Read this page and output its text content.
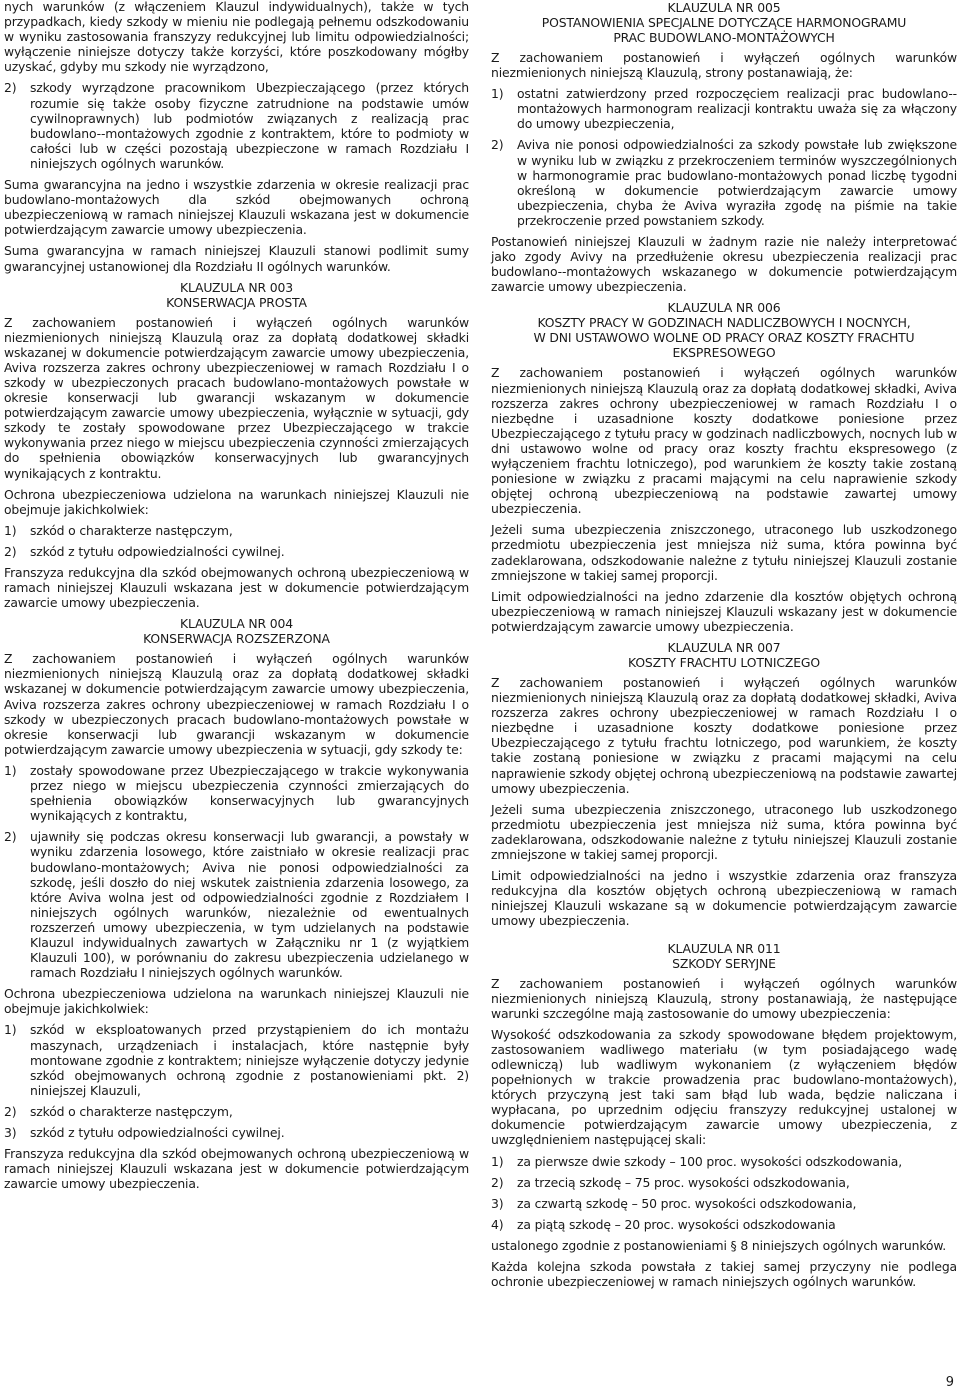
nych warunków (z włączeniem Klauzul indywidualnych), także w tych przypadkach, kiedy szkody w mieniu nie podlegają pełnemu odszkodowaniu w wyniku zastosowania franszyzy redukcyjnej lub limitu odpowiedzialności; wyłączenie niniejsze dotyczy także korzyści, które poszkodowany mógłby uzyskać, gdyby mu szkody nie wyrządzono,

2) szkody wyrządzone pracownikom Ubezpieczającego (przez których rozumie się także osoby fizyczne zatrudnione na podstawie umów cywilnoprawnych) lub podmiotów związanych z realizacją prac budowlano--montażowych zgodnie z kontraktem, które to podmioty w całości lub w części pozostają ubezpieczone w ramach Rozdziału I niniejszych ogólnych warunków.

Suma gwarancyjna na jedno i wszystkie zdarzenia w okresie realizacji prac budowlano-montażowych dla szkód obejmowanych ochroną ubezpieczeniową w ramach niniejszej Klauzuli wskazana jest w dokumencie potwierdzającym zawarcie umowy ubezpieczenia.

Suma gwarancyjna w ramach niniejszej Klauzuli stanowi podlimit sumy gwarancyjnej ustanowionej dla Rozdziału II ogólnych warunków.

KLAUZULA NR 003
KONSERWACJA PROSTA

Z zachowaniem postanowień i wyłączeń ogólnych warunków niezmienionych niniejszą Klauzulą oraz za dopłatą dodatkowej składki wskazanej w dokumencie potwierdzającym zawarcie umowy ubezpieczenia, Aviva rozszerza zakres ochrony ubezpieczeniowej w ramach Rozdziału I o szkody w ubezpieczonych pracach budowlano-montażowych powstałe w okresie konserwacji lub gwarancji wskazanym w dokumencie potwierdzającym zawarcie umowy ubezpieczenia, wyłącznie w sytuacji, gdy szkody te zostały spowodowane przez Ubezpieczającego w trakcie wykonywania przez niego w miejscu ubezpieczenia czynności zmierzających do spełnienia obowiązków konserwacyjnych lub gwarancyjnych wynikających z kontraktu.

Ochrona ubezpieczeniowa udzielona na warunkach niniejszej Klauzuli nie obejmuje jakichkolwiek:

1) szkód o charakterze następczym,
2) szkód z tytułu odpowiedzialności cywilnej.

Franszyza redukcyjna dla szkód obejmowanych ochroną ubezpieczeniową w ramach niniejszej Klauzuli wskazana jest w dokumencie potwierdzającym zawarcie umowy ubezpieczenia.

KLAUZULA NR 004
KONSERWACJA ROZSZERZONA

Z zachowaniem postanowień i wyłączeń ogólnych warunków niezmienionych niniejszą Klauzulą oraz za dopłatą dodatkowej składki wskazanej w dokumencie potwierdzającym zawarcie umowy ubezpieczenia, Aviva rozszerza zakres ochrony ubezpieczeniowej w ramach Rozdziału I o szkody w ubezpieczonych pracach budowlano-montażowych powstałe w okresie konserwacji lub gwarancji wskazanym w dokumencie potwierdzającym zawarcie umowy ubezpieczenia w sytuacji, gdy szkody te:

1) zostały spowodowane przez Ubezpieczającego w trakcie wykonywania przez niego w miejscu ubezpieczenia czynności zmierzających do spełnienia obowiązków konserwacyjnych lub gwarancyjnych wynikających z kontraktu,
2) ujawniły się podczas okresu konserwacji lub gwarancji, a powstały w wyniku zdarzenia losowego, które zaistniało w okresie realizacji prac budowlano-montażowych; Aviva nie ponosi odpowiedzialności za szkodę, jeśli doszło do niej wskutek zaistnienia zdarzenia losowego, za które Aviva wolna jest od odpowiedzialności zgodnie z Rozdziałem I niniejszych ogólnych warunków, niezależnie od ewentualnych rozszerzeń umowy ubezpieczenia, w tym udzielanych na podstawie Klauzul indywidualnych zawartych w Załączniku nr 1 (z wyjątkiem Klauzuli 100), w porównaniu do zakresu ubezpieczenia udzielanego w ramach Rozdziału I niniejszych ogólnych warunków.

Ochrona ubezpieczeniowa udzielona na warunkach niniejszej Klauzuli nie obejmuje jakichkolwiek:

1) szkód w eksploatowanych przed przystąpieniem do ich montażu maszynach, urządzeniach i instalacjach, które następnie były montowane zgodnie z kontraktem; niniejsze wyłączenie dotyczy jedynie szkód obejmowanych ochroną zgodnie z postanowieniami pkt. 2) niniejszej Klauzuli,
2) szkód o charakterze następczym,
3) szkód z tytułu odpowiedzialności cywilnej.

Franszyza redukcyjna dla szkód obejmowanych ochroną ubezpieczeniową w ramach niniejszej Klauzuli wskazana jest w dokumencie potwierdzającym zawarcie umowy ubezpieczenia.

KLAUZULA NR 005
POSTANOWIENIA SPECJALNE DOTYCZĄCE HARMONOGRAMU
PRAC BUDOWLANO-MONTAŻOWYCH

Z zachowaniem postanowień i wyłączeń ogólnych warunków niezmienionych niniejszą Klauzulą, strony postanawiają, że:

1) ostatni zatwierdzony przed rozpoczęciem realizacji prac budowlano--montażowych harmonogram realizacji kontraktu uważa się za włączony do umowy ubezpieczenia,
2) Aviva nie ponosi odpowiedzialności za szkody powstałe lub zwiększone w wyniku lub w związku z przekroczeniem terminów wyszczególnionych w harmonogramie prac budowlano-montażowych ponad liczbę tygodni określoną w dokumencie potwierdzającym zawarcie umowy ubezpieczenia, chyba że Aviva wyraziła zgodę na piśmie na takie przekroczenie przed powstaniem szkody.

Postanowień niniejszej Klauzuli w żadnym razie nie należy interpretować jako zgody Avivy na przedłużenie okresu ubezpieczenia realizacji prac budowlano--montażowych wskazanego w dokumencie potwierdzającym zawarcie umowy ubezpieczenia.

KLAUZULA NR 006
KOSZTY PRACY W GODZINACH NADLICZBOWYCH I NOCNYCH,
W DNI USTAWOWO WOLNE OD PRACY ORAZ KOSZTY FRACHTU
EKSPRESOWEGO

Z zachowaniem postanowień i wyłączeń ogólnych warunków niezmienionych niniejszą Klauzulą oraz za dopłatą dodatkowej składki, Aviva rozszerza zakres ochrony ubezpieczeniowej w ramach Rozdziału I o niezbędne i uzasadnione koszty dodatkowe poniesione przez Ubezpieczającego z tytułu pracy w godzinach nadliczbowych, nocnych lub w dni ustawowo wolne od pracy oraz koszty frachtu ekspresowego (z wyłączeniem frachtu lotniczego), pod warunkiem że koszty takie zostaną poniesione w związku z pracami mającymi na celu naprawienie szkody objętej ochroną ubezpieczeniową na podstawie zawartej umowy ubezpieczenia.

Jeżeli suma ubezpieczenia zniszczonego, utraconego lub uszkodzonego przedmiotu ubezpieczenia jest mniejsza niż suma, która powinna być zadeklarowana, odszkodowanie należne z tytułu niniejszej Klauzuli zostanie zmniejszone w takiej samej proporcji.

Limit odpowiedzialności na jedno zdarzenie dla kosztów objętych ochroną ubezpieczeniową w ramach niniejszej Klauzuli wskazany jest w dokumencie potwierdzającym zawarcie umowy ubezpieczenia.

KLAUZULA NR 007
KOSZTY FRACHTU LOTNICZEGO

Z zachowaniem postanowień i wyłączeń ogólnych warunków niezmienionych niniejszą Klauzulą oraz za dopłatą dodatkowej składki, Aviva rozszerza zakres ochrony ubezpieczeniowej w ramach Rozdziału I o niezbędne i uzasadnione koszty dodatkowe poniesione przez Ubezpieczającego z tytułu frachtu lotniczego, pod warunkiem, że koszty takie zostaną poniesione w związku z pracami mającymi na celu naprawienie szkody objętej ochroną ubezpieczeniową na podstawie zawartej umowy ubezpieczenia.

Jeżeli suma ubezpieczenia zniszczonego, utraconego lub uszkodzonego przedmiotu ubezpieczenia jest mniejsza niż suma, która powinna być zadeklarowana, odszkodowanie należne z tytułu niniejszej Klauzuli zostanie zmniejszone w takiej samej proporcji.

Limit odpowiedzialności na jedno i wszystkie zdarzenia oraz franszyza redukcyjna dla kosztów objętych ochroną ubezpieczeniową w ramach niniejszej Klauzuli wskazane są w dokumencie potwierdzającym zawarcie umowy ubezpieczenia.

KLAUZULA NR 011
SZKODY SERYJNE

Z zachowaniem postanowień i wyłączeń ogólnych warunków niezmienionych niniejszą Klauzulą, strony postanawiają, że następujące warunki szczególne mają zastosowanie do umowy ubezpieczenia:

Wysokość odszkodowania za szkody spowodowane błędem projektowym, zastosowaniem wadliwego materiału (w tym posiadającego wadę odlewniczą) lub wadliwym wykonaniem (z wyłączeniem błędów popełnionych w trakcie prowadzenia prac budowlano-montażowych), których przyczyną jest taki sam błąd lub wada, będzie naliczana i wypłacana, po uprzednim odjęciu franszyzy redukcyjnej ustalonej w dokumencie potwierdzającym zawarcie umowy ubezpieczenia, z uwzględnieniem następującej skali:

1) za pierwsze dwie szkody – 100 proc. wysokości odszkodowania,
2) za trzecią szkodę – 75 proc. wysokości odszkodowania,
3) za czwartą szkodę – 50 proc. wysokości odszkodowania,
4) za piątą szkodę – 20 proc. wysokości odszkodowania

ustalonego zgodnie z postanowieniami § 8 niniejszych ogólnych warunków.

Każda kolejna szkoda powstała z takiej samej przyczyny nie podlega ochronie ubezpieczeniowej w ramach niniejszych ogólnych warunków.

9
